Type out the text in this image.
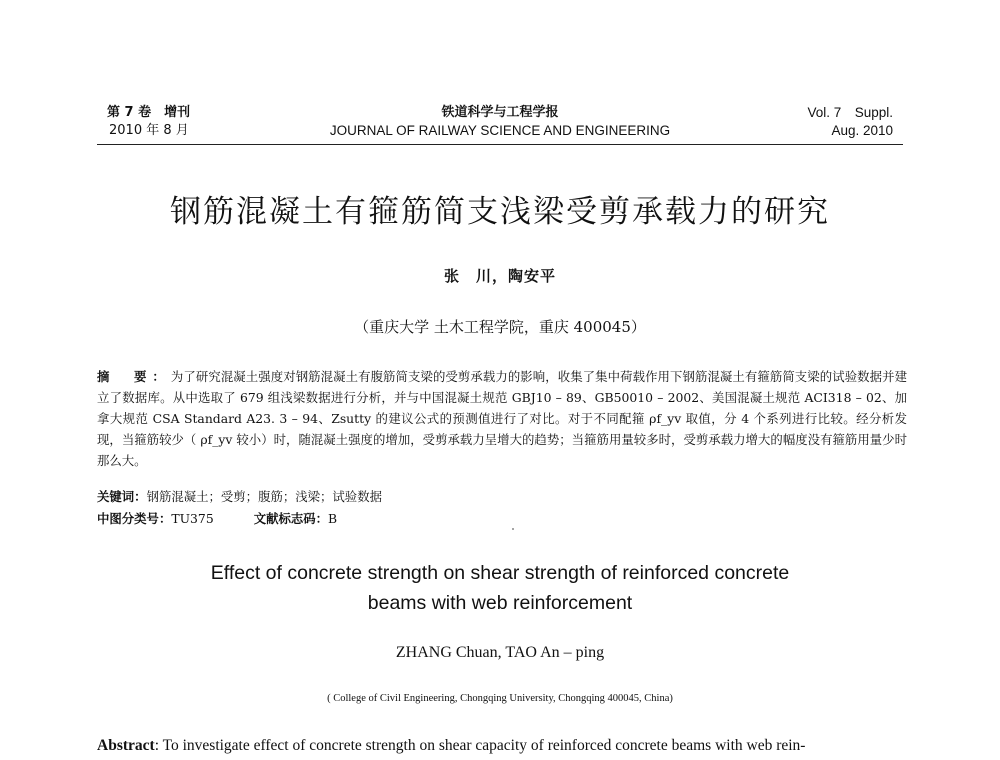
第 7 卷　增刊
2010 年 8 月
铁道科学与工程学报
JOURNAL OF RAILWAY SCIENCE AND ENGINEERING
Vol. 7　Suppl.
Aug. 2010
钢筋混凝土有箍筋简支浅梁受剪承载力的研究
张　川，陶安平
（重庆大学 土木工程学院，重庆 400045）
摘　要：为了研究混凝土强度对钢筋混凝土有腹筋简支梁的受剪承载力的影响，收集了集中荷载作用下钢筋混凝土有箍筋简支梁的试验数据并建立了数据库。从中选取了 679 组浅梁数据进行分析，并与中国混凝土规范 GBJ10 – 89、GB50010 – 2002、美国混凝土规范 ACI318 – 02、加拿大规范 CSA Standard A23. 3 – 94、Zsutty 的建议公式的预测值进行了对比。对于不同配箍 ρf_yv 取值，分 4 个系列进行比较。经分析发现，当箍筋较少（ ρf_yv 较小）时，随混凝土强度的增加，受剪承载力呈增大的趋势；当箍筋用量较多时，受剪承载力增大的幅度没有箍筋用量少时那么大。
关键词：钢筋混凝土；受剪；腹筋；浅梁；试验数据
中图分类号：TU375	文献标志码：B
Effect of concrete strength on shear strength of reinforced concrete
beams with web reinforcement
ZHANG Chuan, TAO An – ping
( College of Civil Engineering, Chongqing University, Chongqing 400045, China)
Abstract: To investigate effect of concrete strength on shear capacity of reinforced concrete beams with web rein-
